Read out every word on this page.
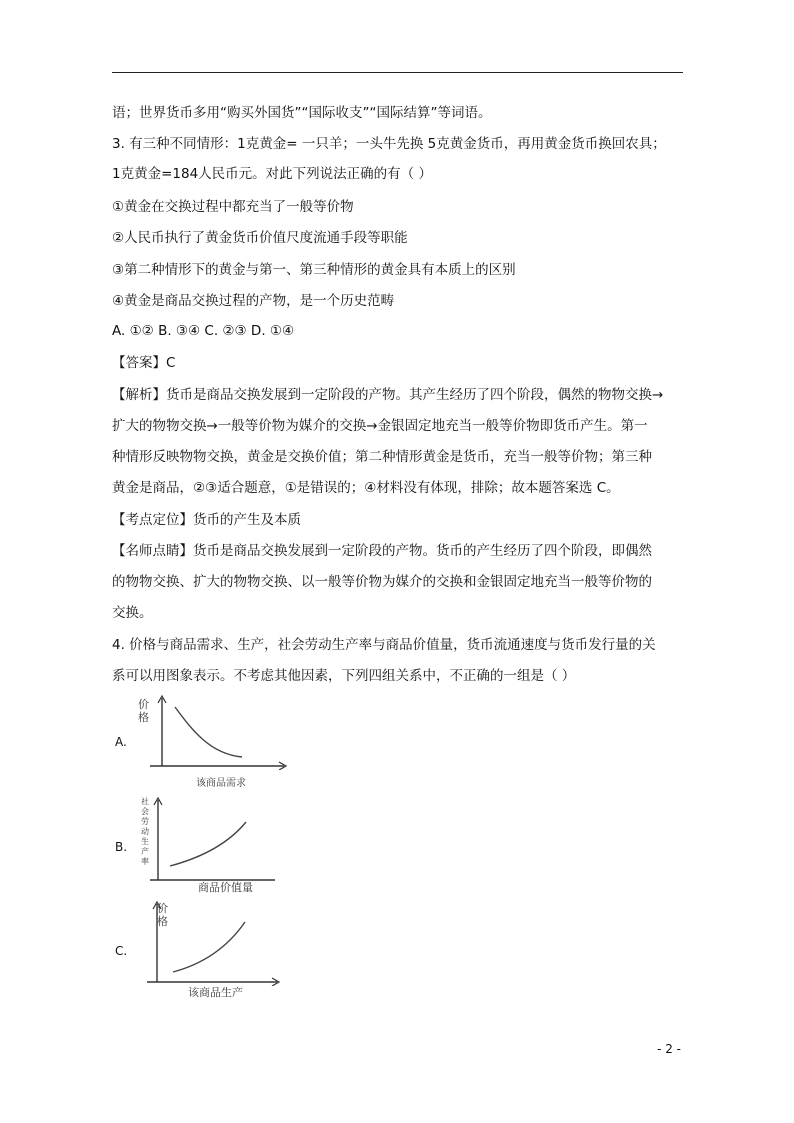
语；世界货币多用“购买外国货”“国际收支”“国际结算”等词语。
3. 有三种不同情形：1克黄金= 一只羊；一头牛先换 5克黄金货币，再用黄金货币换回农具；
1克黄金=184人民币元。对此下列说法正确的有（ ）
①黄金在交换过程中都充当了一般等价物
②人民币执行了黄金货币价值尺度流通手段等职能
③第二种情形下的黄金与第一、第三种情形的黄金具有本质上的区别
④黄金是商品交换过程的产物，是一个历史范畴
A. ①② B. ③④ C. ②③ D. ①④
【答案】C
【解析】货币是商品交换发展到一定阶段的产物。其产生经历了四个阶段，偶然的物物交换→
扩大的物物交换→一般等价物为媒介的交换→金银固定地充当一般等价物即货币产生。第一
种情形反映物物交换，黄金是交换价值；第二种情形黄金是货币，充当一般等价物；第三种
黄金是商品，②③适合题意，①是错误的；④材料没有体现，排除；故本题答案选 C。
【考点定位】货币的产生及本质
【名师点睛】货币是商品交换发展到一定阶段的产物。货币的产生经历了四个阶段，即偶然
的物物交换、扩大的物物交换、以一般等价物为媒介的交换和金银固定地充当一般等价物的
交换。
4. 价格与商品需求、生产，社会劳动生产率与商品价值量，货币流通速度与货币发行量的关
系可以用图象表示。不考虑其他因素，下列四组关系中，不正确的一组是（ ）
A.
价格
该商品需求
B.
社会劳动生产率
商品价值量
C.
价格
该商品生产
- 2 -
